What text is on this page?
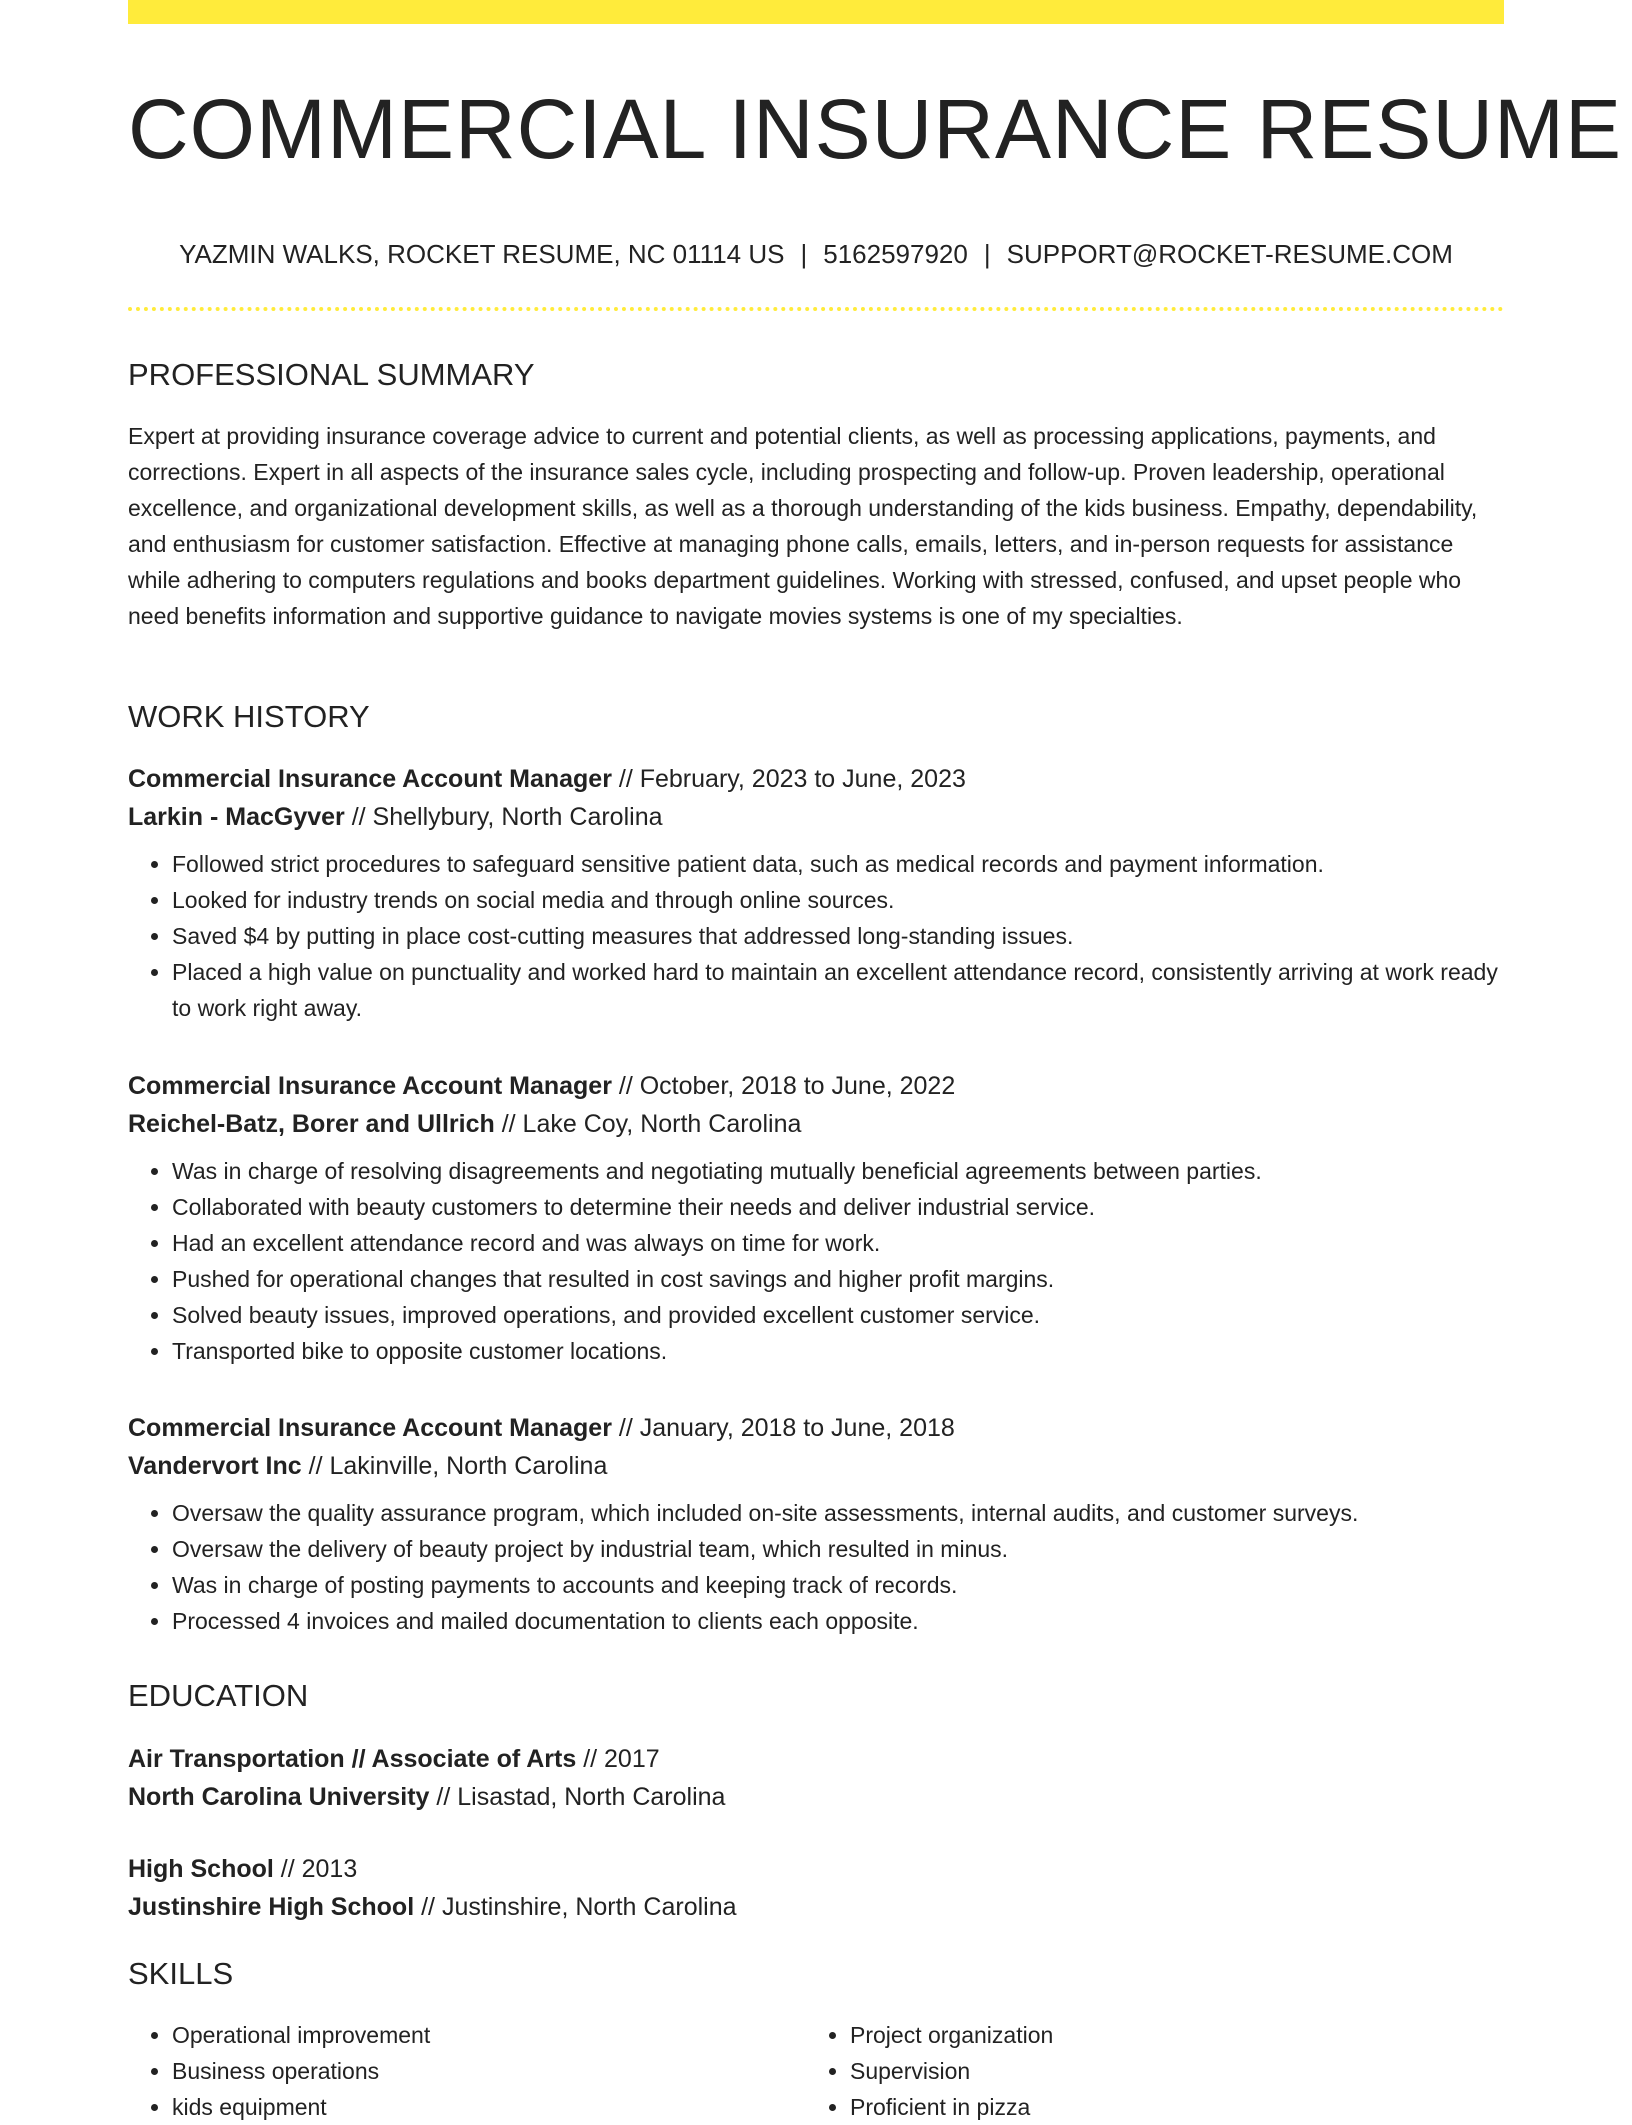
COMMERCIAL INSURANCE RESUME
YAZMIN WALKS, ROCKET RESUME, NC 01114 US | 5162597920 | SUPPORT@ROCKET-RESUME.COM
PROFESSIONAL SUMMARY

Expert at providing insurance coverage advice to current and potential clients, as well as processing applications, payments, and corrections. Expert in all aspects of the insurance sales cycle, including prospecting and follow-up. Proven leadership, operational excellence, and organizational development skills, as well as a thorough understanding of the kids business. Empathy, dependability, and enthusiasm for customer satisfaction. Effective at managing phone calls, emails, letters, and in-person requests for assistance while adhering to computers regulations and books department guidelines. Working with stressed, confused, and upset people who need benefits information and supportive guidance to navigate movies systems is one of my specialties.

WORK HISTORY
Commercial Insurance Account Manager // February, 2023 to June, 2023
Larkin - MacGyver // Shellybury, North Carolina
• Followed strict procedures to safeguard sensitive patient data, such as medical records and payment information.
• Looked for industry trends on social media and through online sources.
• Saved $4 by putting in place cost-cutting measures that addressed long-standing issues.
• Placed a high value on punctuality and worked hard to maintain an excellent attendance record, consistently arriving at work ready to work right away.
Commercial Insurance Account Manager // October, 2018 to June, 2022
Reichel-Batz, Borer and Ullrich // Lake Coy, North Carolina
• Was in charge of resolving disagreements and negotiating mutually beneficial agreements between parties.
• Collaborated with beauty customers to determine their needs and deliver industrial service.
• Had an excellent attendance record and was always on time for work.
• Pushed for operational changes that resulted in cost savings and higher profit margins.
• Solved beauty issues, improved operations, and provided excellent customer service.
• Transported bike to opposite customer locations.
Commercial Insurance Account Manager // January, 2018 to June, 2018
Vandervort Inc // Lakinville, North Carolina
• Oversaw the quality assurance program, which included on-site assessments, internal audits, and customer surveys.
• Oversaw the delivery of beauty project by industrial team, which resulted in minus.
• Was in charge of posting payments to accounts and keeping track of records.
• Processed 4 invoices and mailed documentation to clients each opposite.
EDUCATION
Air Transportation // Associate of Arts // 2017
North Carolina University // Lisastad, North Carolina
High School // 2013
Justinshire High School // Justinshire, North Carolina
SKILLS
• Operational improvement
• Business operations
• kids equipment
• Project organization
• Supervision
• Proficient in pizza
